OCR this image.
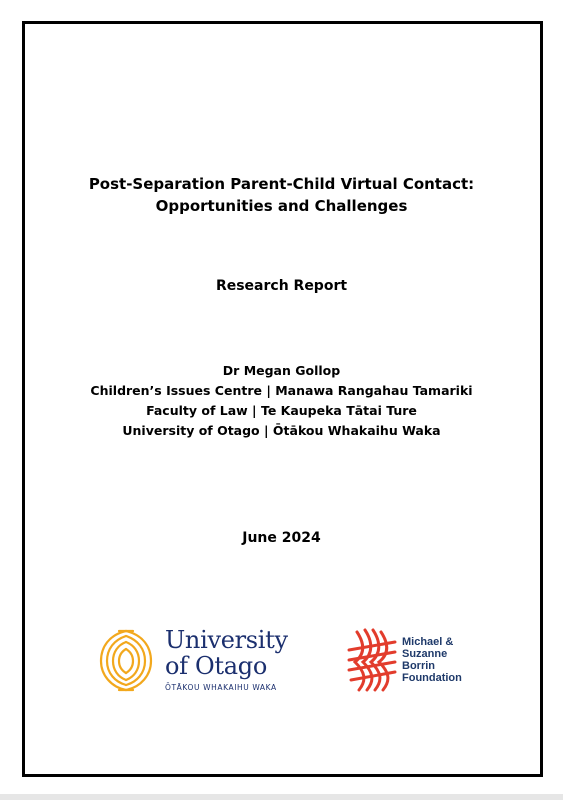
Post-Separation Parent-Child Virtual Contact:
Opportunities and Challenges
Research Report
Dr Megan Gollop
Children’s Issues Centre | Manawa Rangahau Tamariki
Faculty of Law | Te Kaupeka Tātai Ture
University of Otago | Ōtākou Whakaihu Waka
June 2024
University
of Otago
ŌTĀKOU WHAKAIHU WAKA
Michael &
Suzanne
Borrin
Foundation
